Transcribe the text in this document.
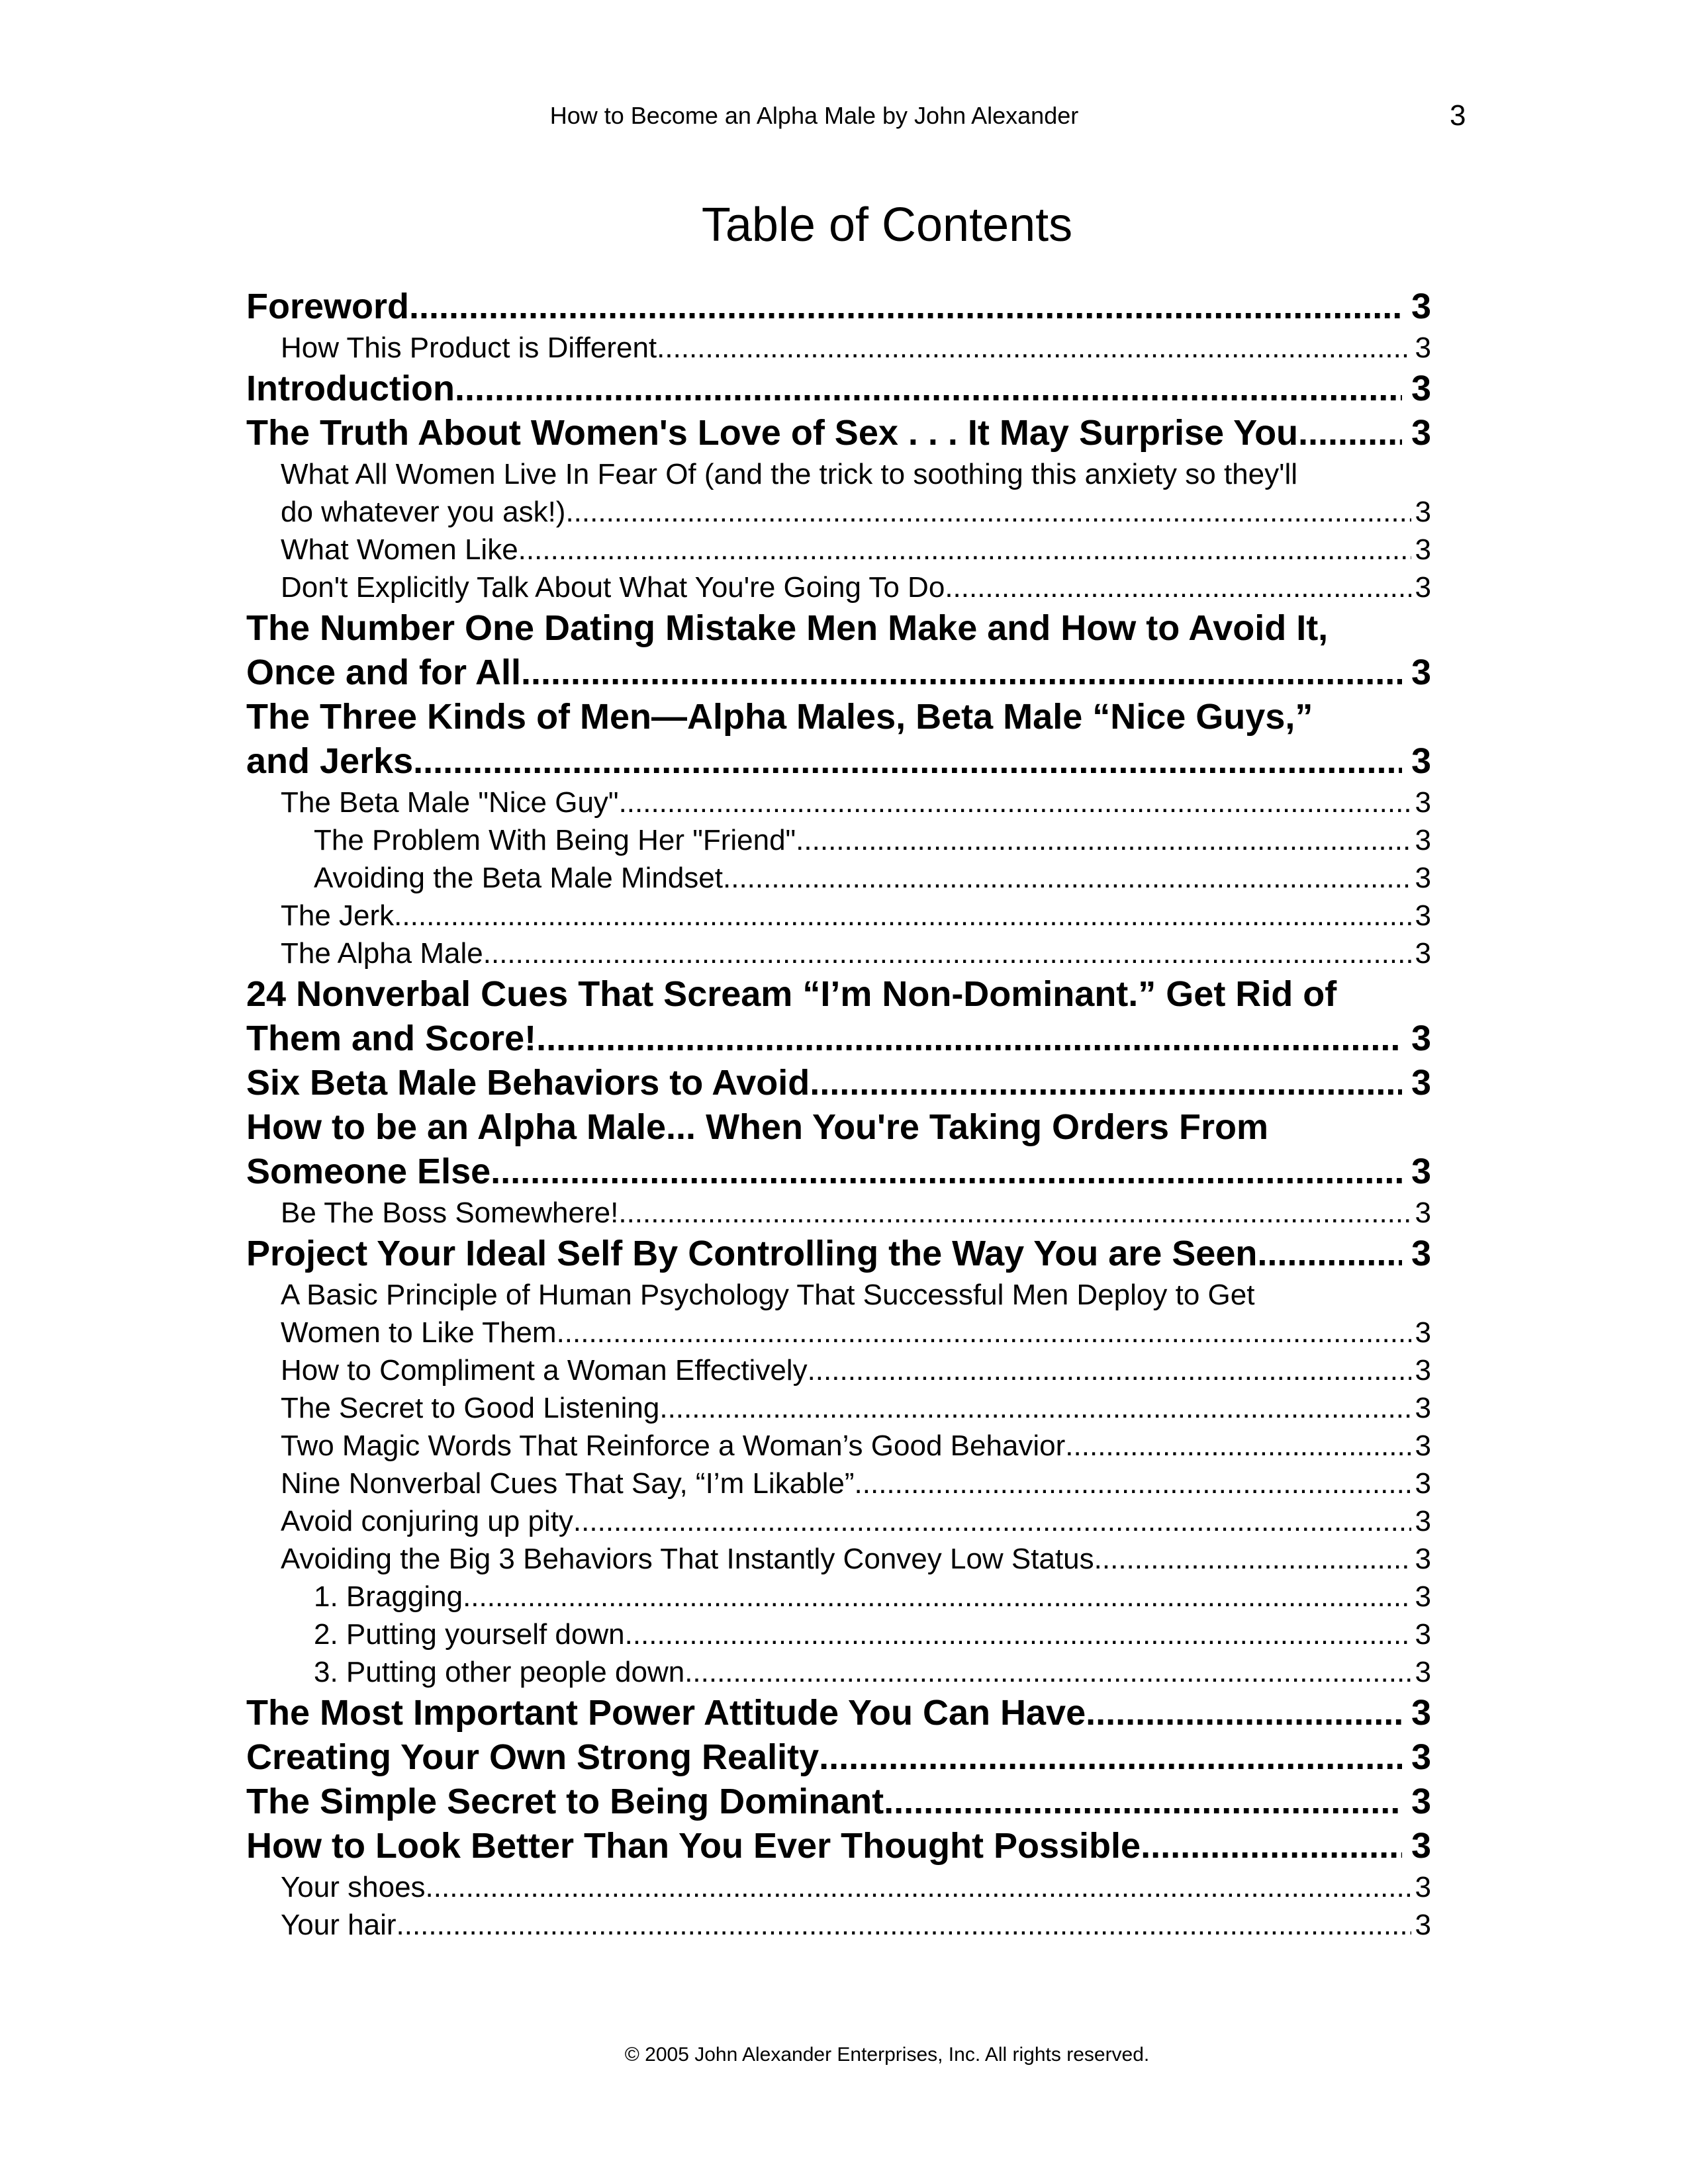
How to Become an Alpha Male by John Alexander	3
Table of Contents
Foreword .....	3
How This Product is Different .....	3
Introduction .....	3
The Truth About Women's Love of Sex . . . It May Surprise You .....	3
What All Women Live In Fear Of (and the trick to soothing this anxiety so they'll
do whatever you ask!) .....	3
What Women Like .....	3
Don't Explicitly Talk About What You're Going To Do .....	3
The Number One Dating Mistake Men Make and How to Avoid It,
Once and for All .....	3
The Three Kinds of Men—Alpha Males, Beta Male “Nice Guys,”
and Jerks .....	3
The Beta Male "Nice Guy" .....	3
The Problem With Being Her "Friend" .....	3
Avoiding the Beta Male Mindset .....	3
The Jerk .....	3
The Alpha Male .....	3
24 Nonverbal Cues That Scream “I’m Non-Dominant.” Get Rid of
Them and Score! .....	3
Six Beta Male Behaviors to Avoid .....	3
How to be an Alpha Male... When You're Taking Orders From
Someone Else. .....	3
Be The Boss Somewhere! .....	3
Project Your Ideal Self By Controlling the Way You are Seen .....	3
A Basic Principle of Human Psychology That Successful Men Deploy to Get
Women to Like Them .....	3
How to Compliment a Woman Effectively .....	3
The Secret to Good Listening .....	3
Two Magic Words That Reinforce a Woman’s Good Behavior .....	3
Nine Nonverbal Cues That Say, “I’m Likable” .....	3
Avoid conjuring up pity .....	3
Avoiding the Big 3 Behaviors That Instantly Convey Low Status .....	3
1. Bragging .....	3
2. Putting yourself down .....	3
3. Putting other people down .....	3
The Most Important Power Attitude You Can Have .....	3
Creating Your Own Strong Reality .....	3
The Simple Secret to Being Dominant .....	3
How to Look Better Than You Ever Thought Possible .....	3
Your shoes .....	3
Your hair .....	3
© 2005 John Alexander Enterprises, Inc. All rights reserved.
